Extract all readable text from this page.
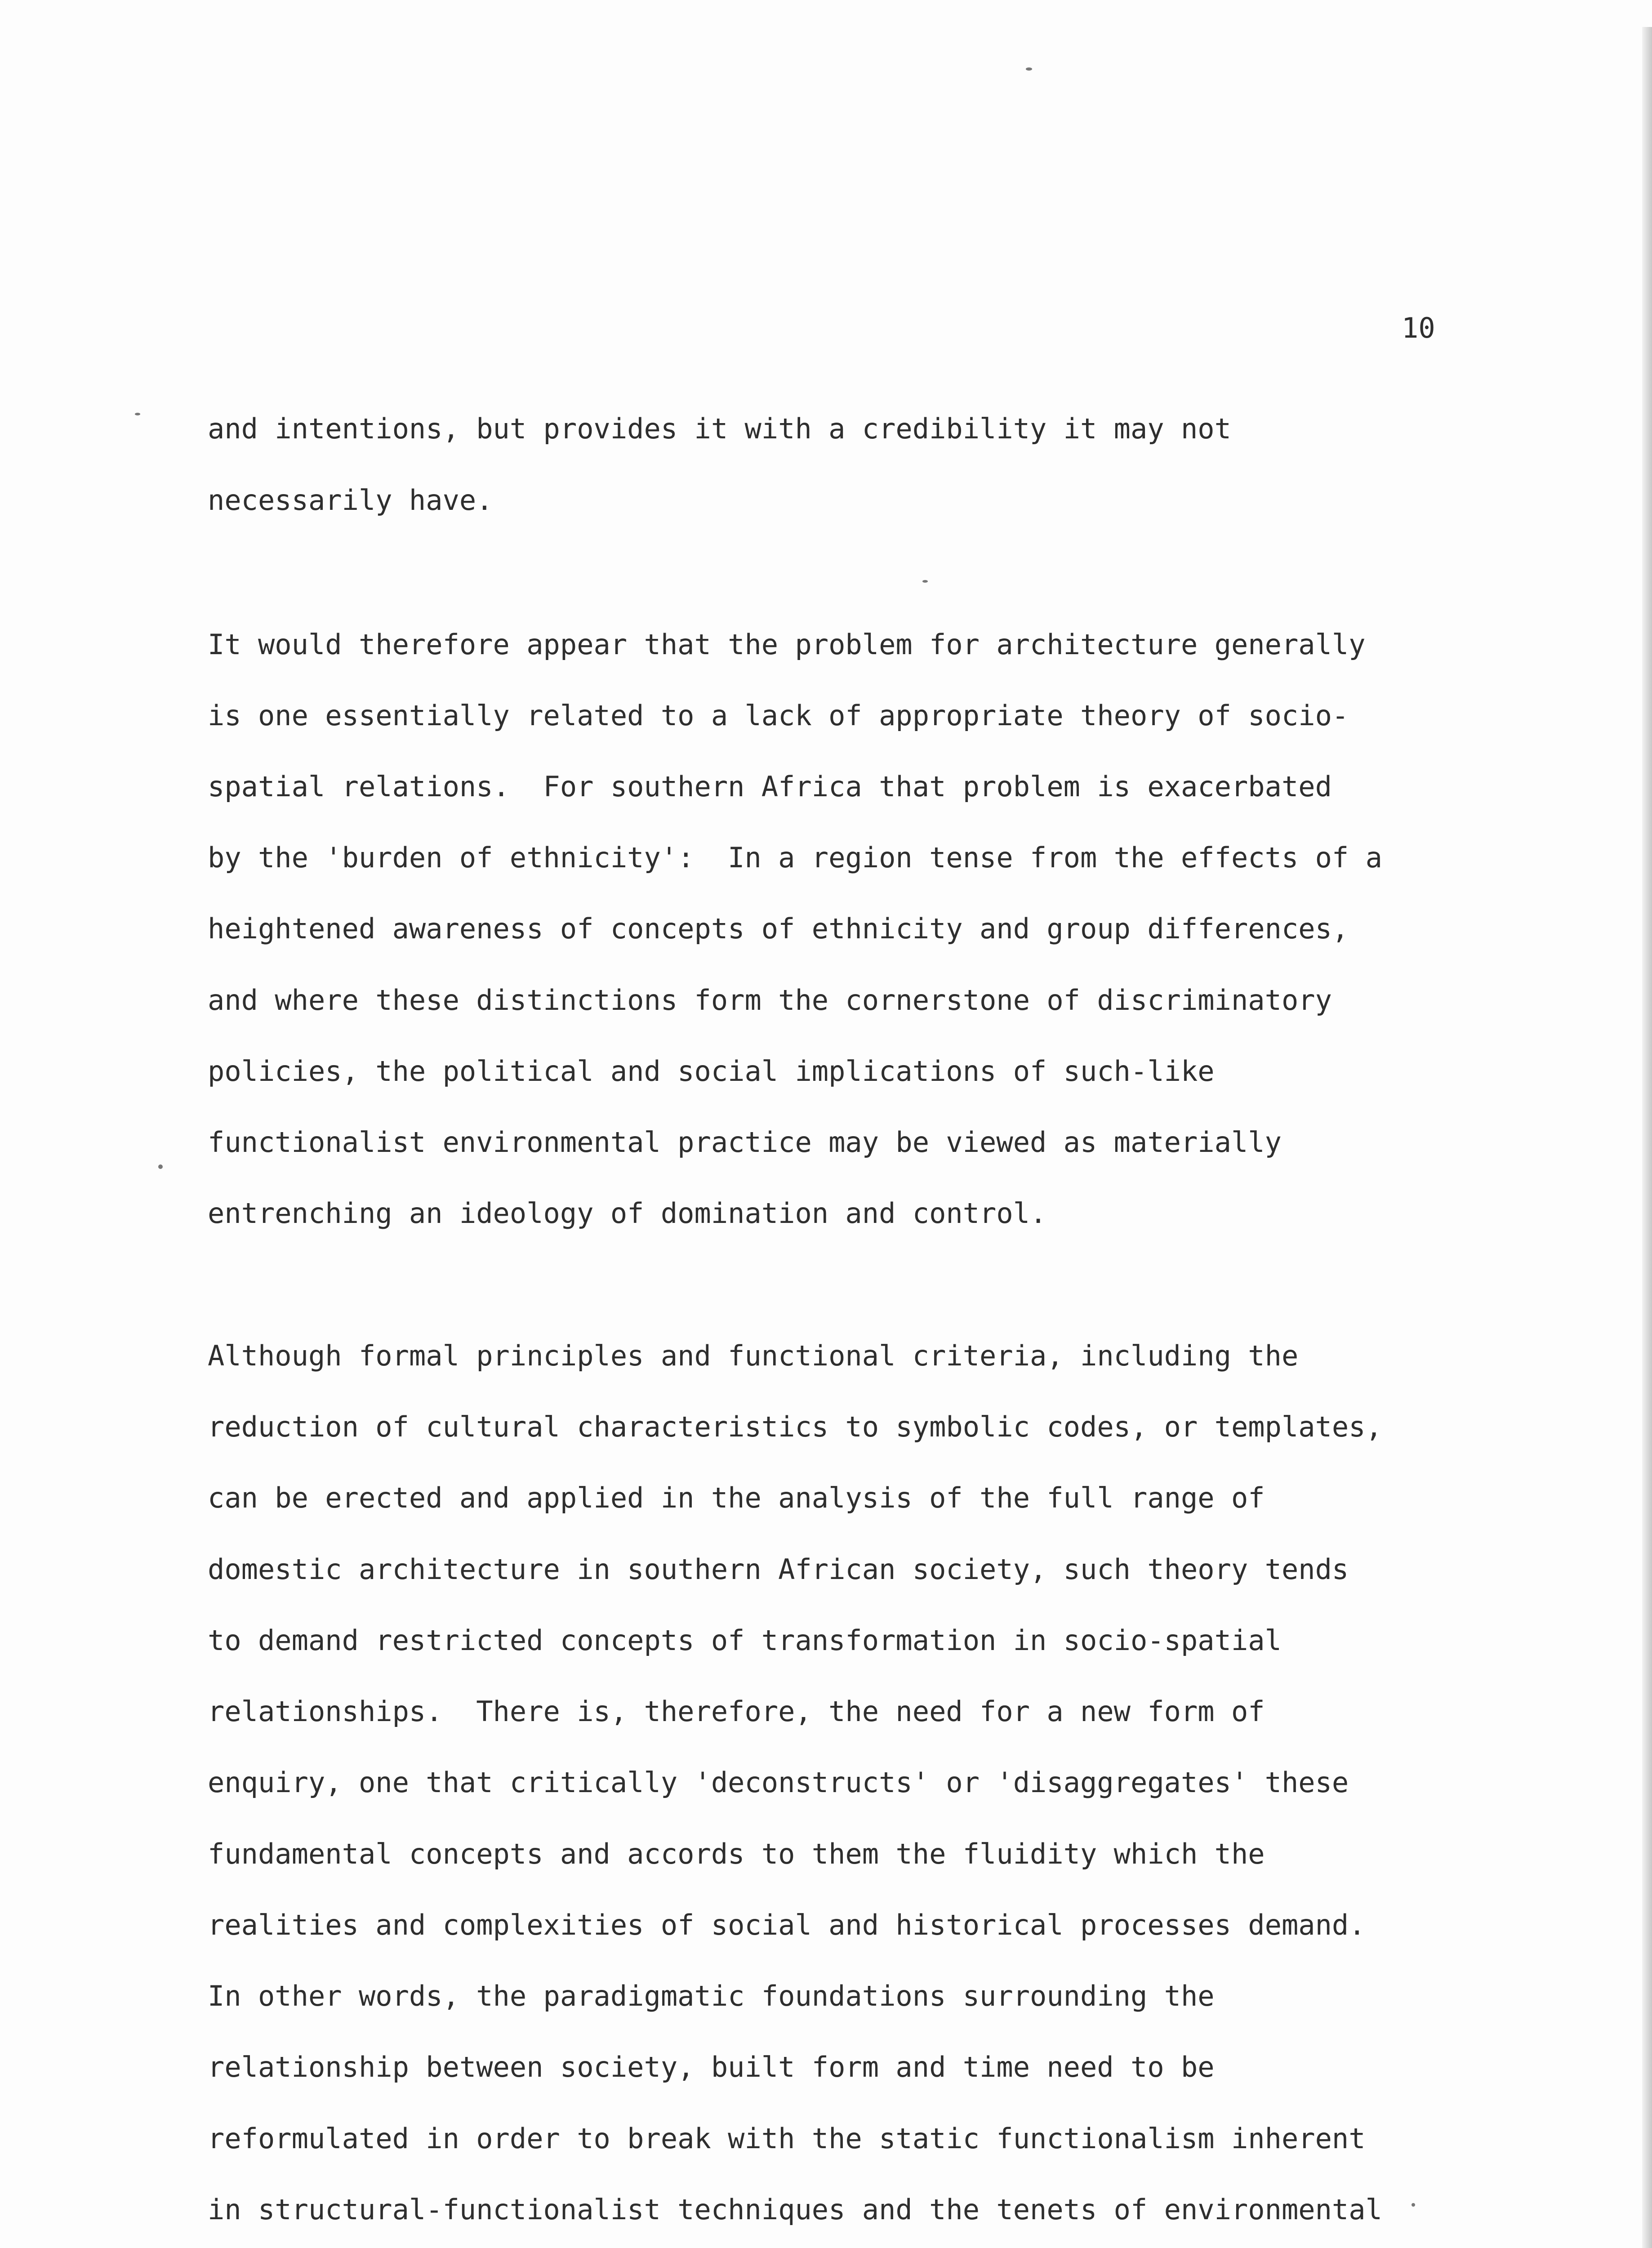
10
and intentions, but provides it with a credibility it may not
necessarily have.
It would therefore appear that the problem for architecture generally
is one essentially related to a lack of appropriate theory of socio-
spatial relations.  For southern Africa that problem is exacerbated
by the 'burden of ethnicity':  In a region tense from the effects of a
heightened awareness of concepts of ethnicity and group differences,
and where these distinctions form the cornerstone of discriminatory
policies, the political and social implications of such-like
functionalist environmental practice may be viewed as materially
entrenching an ideology of domination and control.
Although formal principles and functional criteria, including the
reduction of cultural characteristics to symbolic codes, or templates,
can be erected and applied in the analysis of the full range of
domestic architecture in southern African society, such theory tends
to demand restricted concepts of transformation in socio-spatial
relationships.  There is, therefore, the need for a new form of
enquiry, one that critically 'deconstructs' or 'disaggregates' these
fundamental concepts and accords to them the fluidity which the
realities and complexities of social and historical processes demand.
In other words, the paradigmatic foundations surrounding the
relationship between society, built form and time need to be
reformulated in order to break with the static functionalism inherent
in structural-functionalist techniques and the tenets of environmental
